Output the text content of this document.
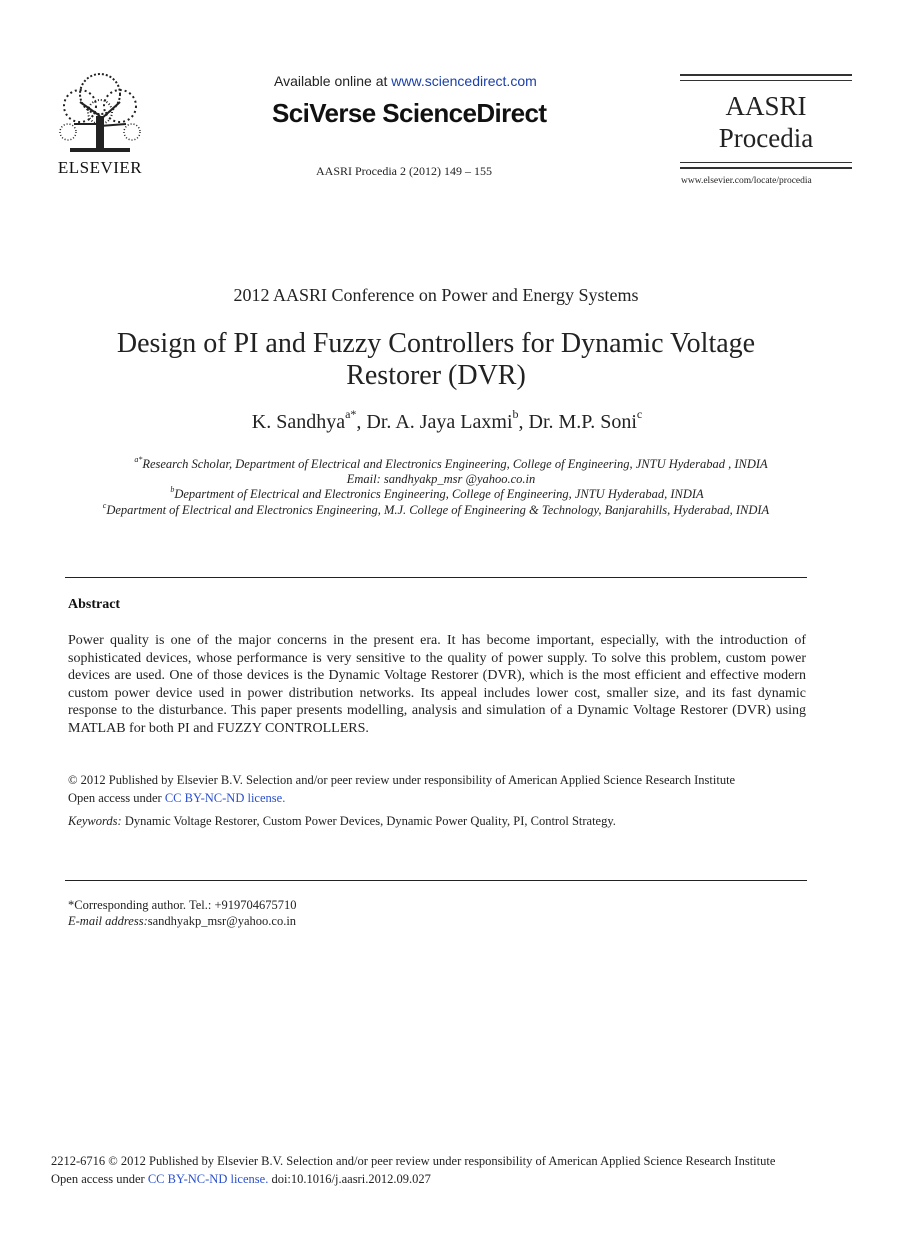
ELSEVIER
Available online at www.sciencedirect.com
SciVerse ScienceDirect
AASRI Procedia 2 (2012) 149 – 155
AASRI
Procedia
www.elsevier.com/locate/procedia
2012 AASRI Conference on Power and Energy Systems
Design of PI and Fuzzy Controllers for Dynamic Voltage
Restorer (DVR)
K. Sandhya$^{a*}$, Dr. A. Jaya Laxmi$^b$, Dr. M.P. Soni$^c$
$^{a*}$Research Scholar, Department of Electrical and Electronics Engineering, College of Engineering, JNTU Hyderabad , INDIA
Email: sandhyakp_msr @yahoo.co.in
$^b$Department of Electrical and Electronics Engineering, College of Engineering, JNTU Hyderabad, INDIA
$^c$Department of Electrical and Electronics Engineering, M.J. College of Engineering & Technology, Banjarahills, Hyderabad, INDIA
Abstract
Power quality is one of the major concerns in the present era. It has become important, especially, with the introduction of sophisticated devices, whose performance is very sensitive to the quality of power supply. To solve this problem, custom power devices are used. One of those devices is the Dynamic Voltage Restorer (DVR), which is the most efficient and effective modern custom power device used in power distribution networks. Its appeal includes lower cost, smaller size, and its fast dynamic response to the disturbance. This paper presents modelling, analysis and simulation of a Dynamic Voltage Restorer (DVR) using MATLAB for both PI and FUZZY CONTROLLERS.
© 2012 Published by Elsevier B.V. Selection and/or peer review under responsibility of American Applied Science Research Institute
Open access under CC BY-NC-ND license.
Keywords: Dynamic Voltage Restorer, Custom Power Devices, Dynamic Power Quality, PI, Control Strategy.
*Corresponding author. Tel.: +919704675710
E-mail address:sandhyakp_msr@yahoo.co.in
2212-6716 © 2012 Published by Elsevier B.V. Selection and/or peer review under responsibility of American Applied Science Research Institute
Open access under CC BY-NC-ND license. doi:10.1016/j.aasri.2012.09.027
